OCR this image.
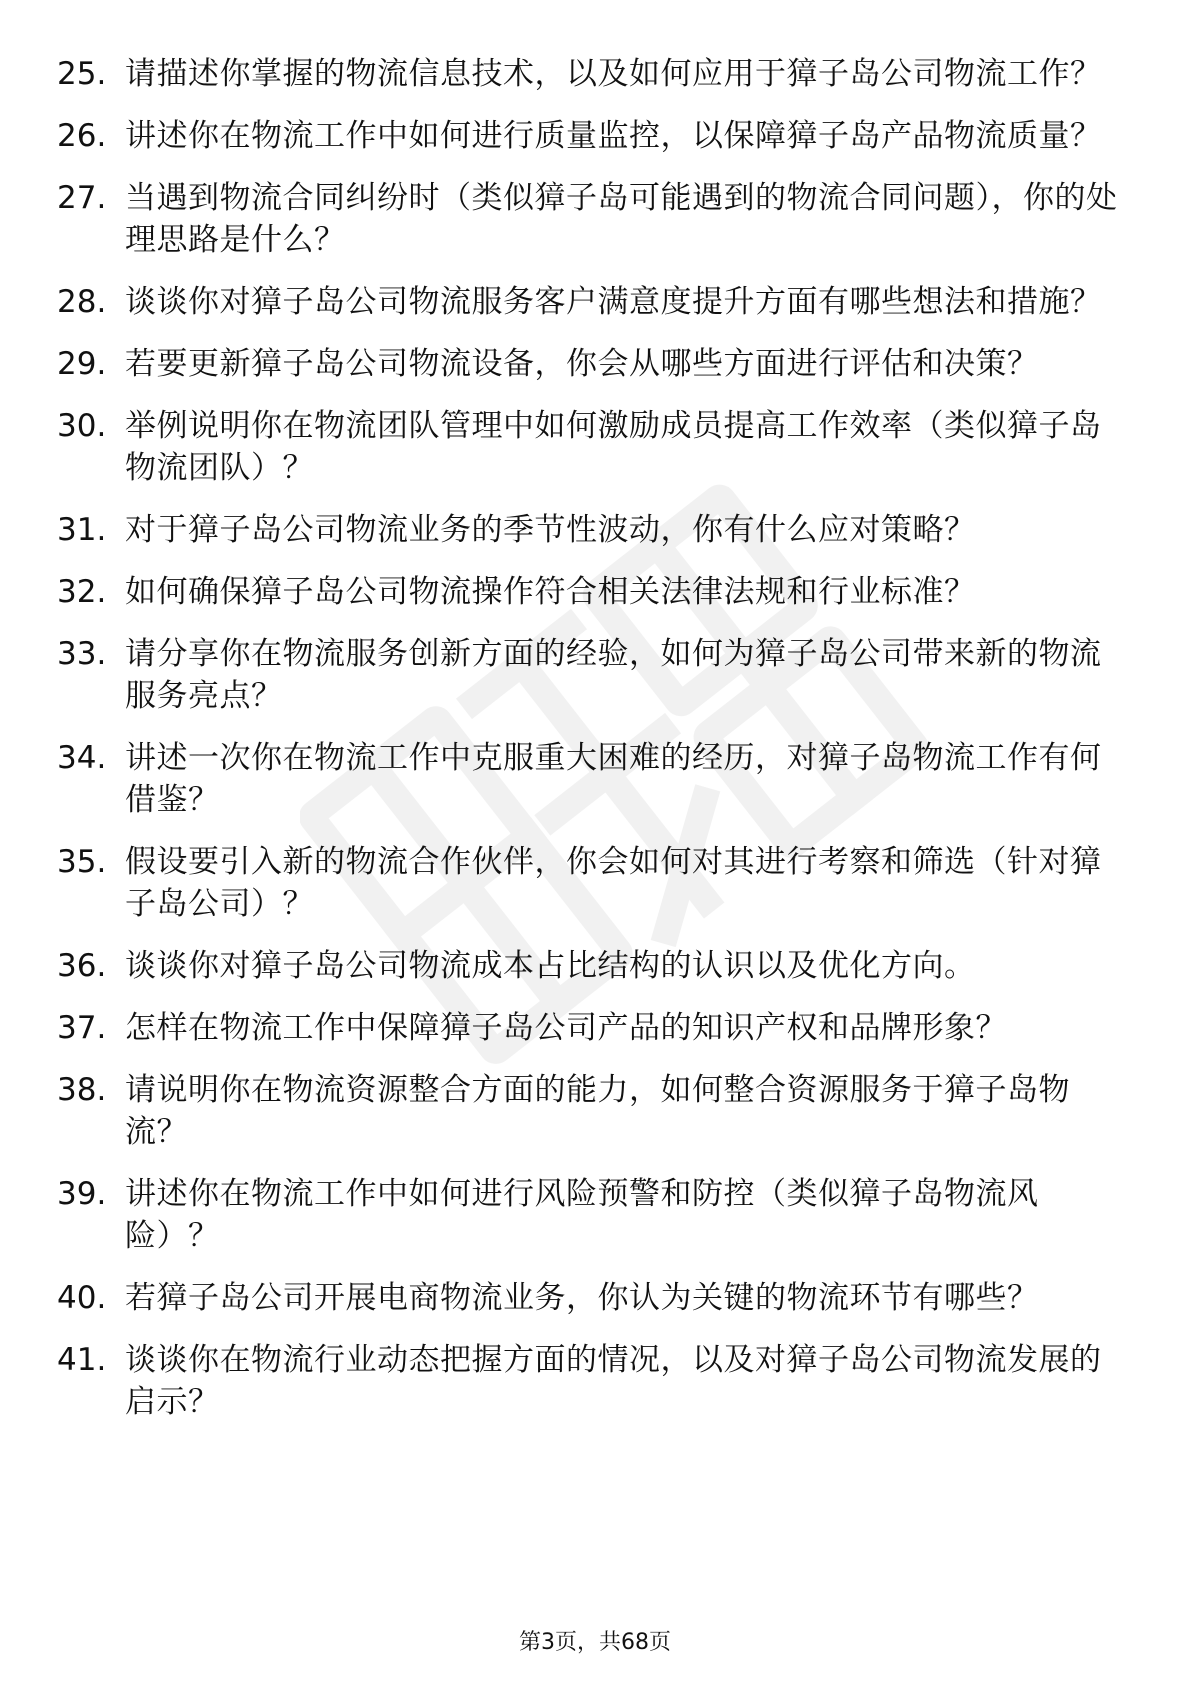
25. 请描述你掌握的物流信息技术，以及如何应用于獐子岛公司物流工作？
26. 讲述你在物流工作中如何进行质量监控，以保障獐子岛产品物流质量？
27. 当遇到物流合同纠纷时（类似獐子岛可能遇到的物流合同问题），你的处理思路是什么？
28. 谈谈你对獐子岛公司物流服务客户满意度提升方面有哪些想法和措施？
29. 若要更新獐子岛公司物流设备，你会从哪些方面进行评估和决策？
30. 举例说明你在物流团队管理中如何激励成员提高工作效率（类似獐子岛物流团队）？
31. 对于獐子岛公司物流业务的季节性波动，你有什么应对策略？
32. 如何确保獐子岛公司物流操作符合相关法律法规和行业标准？
33. 请分享你在物流服务创新方面的经验，如何为獐子岛公司带来新的物流服务亮点？
34. 讲述一次你在物流工作中克服重大困难的经历，对獐子岛物流工作有何借鉴？
35. 假设要引入新的物流合作伙伴，你会如何对其进行考察和筛选（针对獐子岛公司）？
36. 谈谈你对獐子岛公司物流成本占比结构的认识以及优化方向。
37. 怎样在物流工作中保障獐子岛公司产品的知识产权和品牌形象？
38. 请说明你在物流资源整合方面的能力，如何整合资源服务于獐子岛物流？
39. 讲述你在物流工作中如何进行风险预警和防控（类似獐子岛物流风险）？
40. 若獐子岛公司开展电商物流业务，你认为关键的物流环节有哪些？
41. 谈谈你在物流行业动态把握方面的情况，以及对獐子岛公司物流发展的启示？
第3页，共68页
